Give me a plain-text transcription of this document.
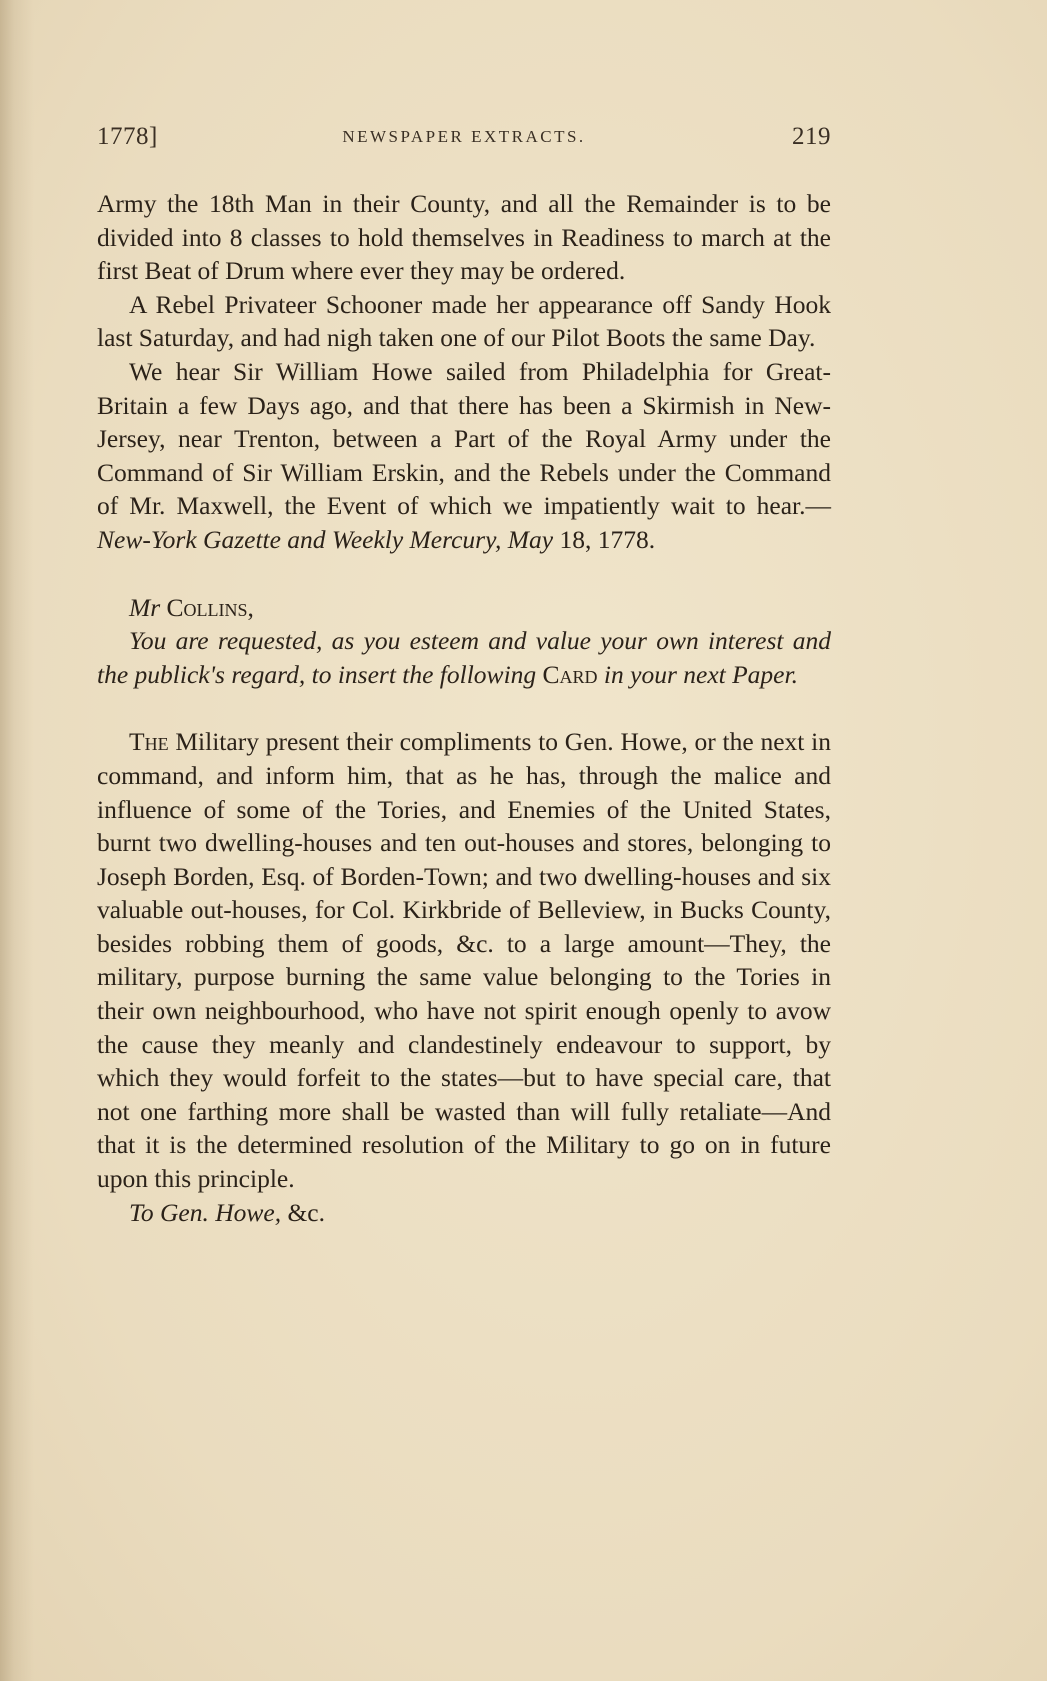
1778]	NEWSPAPER EXTRACTS.	219

Army the 18th Man in their County, and all the Remainder is to be divided into 8 classes to hold themselves in Readiness to march at the first Beat of Drum where ever they may be ordered.

A Rebel Privateer Schooner made her appearance off Sandy Hook last Saturday, and had nigh taken one of our Pilot Boots the same Day.

We hear Sir William Howe sailed from Philadelphia for Great-Britain a few Days ago, and that there has been a Skirmish in New-Jersey, near Trenton, between a Part of the Royal Army under the Command of Sir William Erskin, and the Rebels under the Command of Mr. Maxwell, the Event of which we impatiently wait to hear.— New-York Gazette and Weekly Mercury, May 18, 1778.

Mr Collins,

You are requested, as you esteem and value your own interest and the publick's regard, to insert the following Card in your next Paper.

The Military present their compliments to Gen. Howe, or the next in command, and inform him, that as he has, through the malice and influence of some of the Tories, and Enemies of the United States, burnt two dwelling-houses and ten out-houses and stores, belonging to Joseph Borden, Esq. of Borden-Town; and two dwelling-houses and six valuable out-houses, for Col. Kirkbride of Belleview, in Bucks County, besides robbing them of goods, &c. to a large amount—They, the military, purpose burning the same value belonging to the Tories in their own neighbourhood, who have not spirit enough openly to avow the cause they meanly and clandestinely endeavour to support, by which they would forfeit to the states—but to have special care, that not one farthing more shall be wasted than will fully retaliate—And that it is the determined resolution of the Military to go on in future upon this principle.

To Gen. Howe, &c.
